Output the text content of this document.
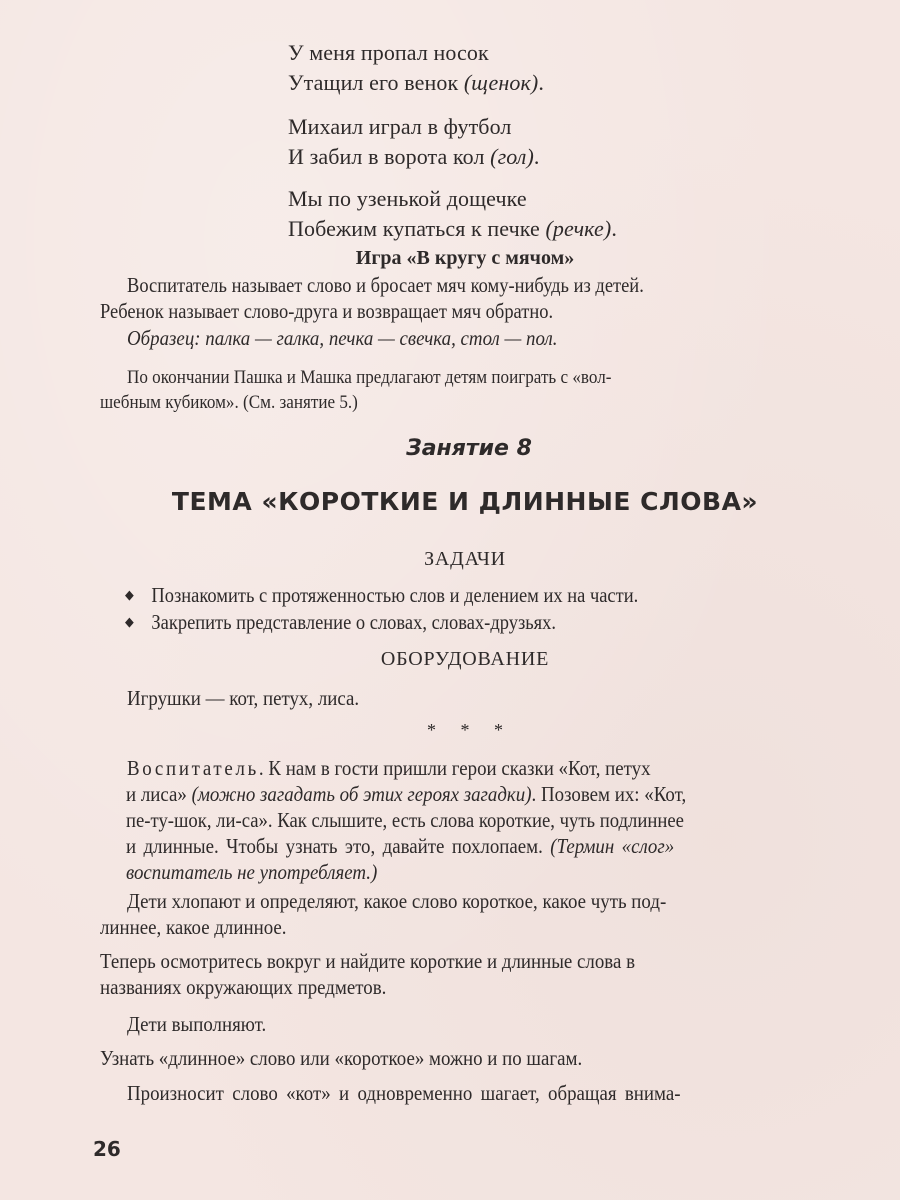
У меня пропал носок
Утащил его венок (щенок).
Михаил играл в футбол
И забил в ворота кол (гол).
Мы по узенькой дощечке
Побежим купаться к печке (речке).
Игра «В кругу с мячом»
Воспитатель называет слово и бросает мяч кому-нибудь из детей.
Ребенок называет слово-друга и возвращает мяч обратно.
Образец: палка — галка, печка — свечка, стол — пол.
По окончании Пашка и Машка предлагают детям поиграть с «вол-
шебным кубиком». (См. занятие 5.)
Занятие 8
ТЕМА «КОРОТКИЕ И ДЛИННЫЕ СЛОВА»
ЗАДАЧИ
◆ Познакомить с протяженностью слов и делением их на части.
◆ Закрепить представление о словах, словах-друзьях.
ОБОРУДОВАНИЕ
Игрушки — кот, петух, лиса.
* * *
Воспитатель. К нам в гости пришли герои сказки «Кот, петух
и лиса» (можно загадать об этих героях загадки). Позовем их: «Кот,
пе-ту-шок, ли-са». Как слышите, есть слова короткие, чуть подлиннее
и длинные. Чтобы узнать это, давайте похлопаем. (Термин «слог»
воспитатель не употребляет.)
Дети хлопают и определяют, какое слово короткое, какое чуть под-
линнее, какое длинное.
Теперь осмотритесь вокруг и найдите короткие и длинные слова в
названиях окружающих предметов.
Дети выполняют.
Узнать «длинное» слово или «короткое» можно и по шагам.
Произносит слово «кот» и одновременно шагает, обращая внима-
26
